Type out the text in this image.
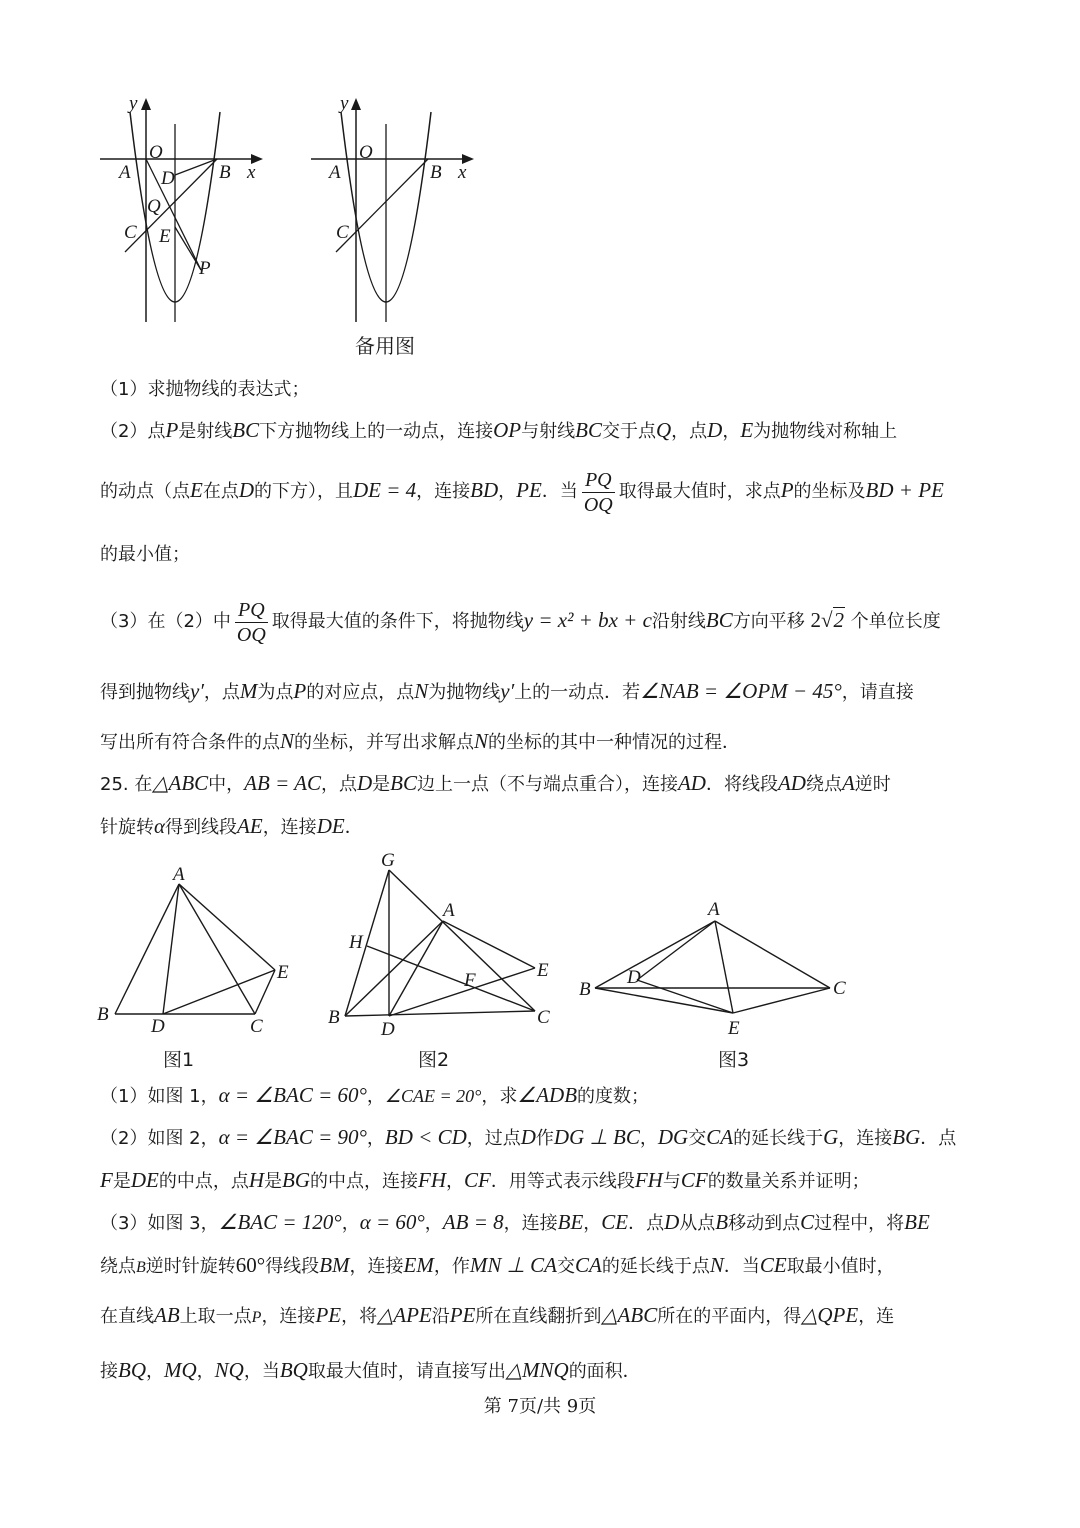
y
O
A D B x
Q
C E
P
y
O
A	B x
C
备用图
（1）求抛物线的表达式；
（2）点P是射线BC下方抛物线上的一动点，连接OP与射线BC交于点Q，点D，E为抛物线对称轴上
的动点（点E在点D的下方），且DE = 4，连接BD，PE．当 $\frac{PQ}{OQ}$ 取得最大值时，求点P的坐标及BD + PE
的最小值；
（3）在（2）中 $\frac{PQ}{OQ}$ 取得最大值的条件下，将抛物线y = x² + bx + c沿射线BC方向平移 2√2 个单位长度
得到抛物线y′，点M为点P的对应点，点N为抛物线y′上的一动点．若∠NAB = ∠OPM − 45°，请直接
写出所有符合条件的点N的坐标，并写出求解点N的坐标的其中一种情况的过程．
25. 在△ABC中，AB = AC，点D是BC边上一点（不与端点重合），连接AD．将线段AD绕点A逆时
针旋转α得到线段AE，连接DE．
A
B
D	C
E
图1
G
A
H
F	E
B
D
C
图2
A
B
D
C
E
图3
（1）如图 1，α = ∠BAC = 60°，∠CAE = 20°，求∠ADB的度数；
（2）如图 2，α = ∠BAC = 90°，BD < CD，过点D作DG ⊥ BC，DG交CA的延长线于G，连接BG．点
F是DE的中点，点H是BG的中点，连接FH，CF．用等式表示线段FH与CF的数量关系并证明；
（3）如图 3，∠BAC = 120°，α = 60°，AB = 8，连接BE，CE．点D从点B移动到点C过程中，将BE
绕点B逆时针旋转60°得线段BM，连接EM，作MN ⊥ CA交CA的延长线于点N．当CE取最小值时，
在直线AB上取一点P，连接PE，将△APE沿PE所在直线翻折到△ABC所在的平面内，得△QPE，连
接BQ，MQ，NQ，当BQ取最大值时，请直接写出△MNQ的面积．
第 7页/共 9页
